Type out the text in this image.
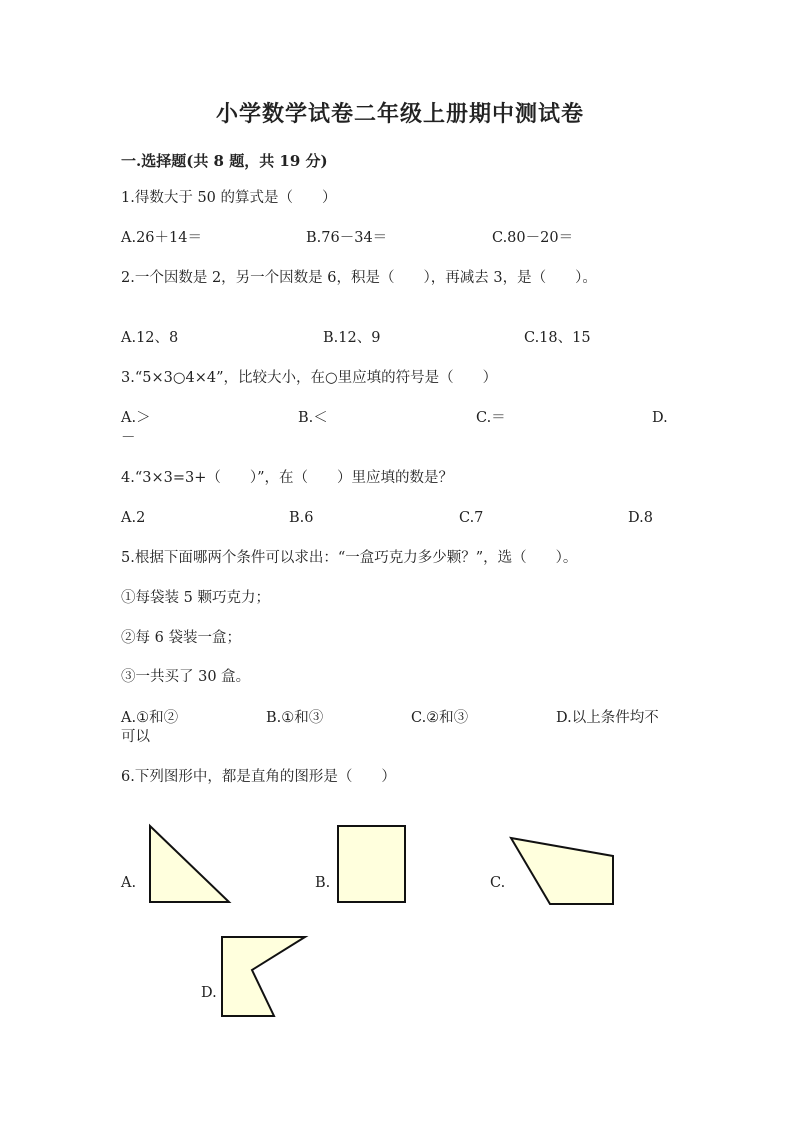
小学数学试卷二年级上册期中测试卷
一.选择题(共 8 题，共 19 分)
1.得数大于 50 的算式是（　　）
A.26＋14＝	B.76－34＝	C.80－20＝
2.一个因数是 2，另一个因数是 6，积是（　　），再减去 3，是（　　）。
A.12、8	B.12、9	C.18、15
3.“5×3○4×4”，比较大小，在○里应填的符号是（　　）
A.＞	B.＜	C.＝	D.
－
4.“3×3=3+（　　）”，在（　　）里应填的数是？
A.2	B.6	C.7	D.8
5.根据下面哪两个条件可以求出：“一盒巧克力多少颗？”，选（　　）。
①每袋装 5 颗巧克力；
②每 6 袋装一盒；
③一共买了 30 盒。
A.①和②	B.①和③	C.②和③	D.以上条件均不
可以
6.下列图形中，都是直角的图形是（　　）
A.	B.	C.
D.
